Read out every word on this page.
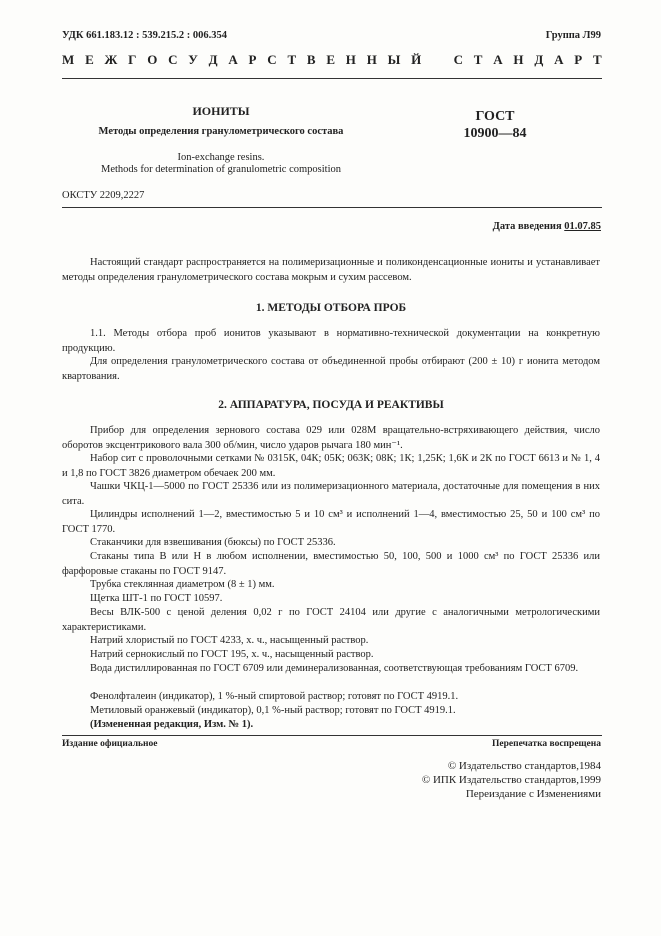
УДК 661.183.12 : 539.215.2 : 006.354	Группа Л99
М Е Ж Г О С У Д А Р С Т В Е Н Н Ы Й С Т А Н Д А Р Т
ИОНИТЫ
Методы определения гранулометрического состава
Ion-exchange resins.
Methods for determination of granulometric composition
ГОСТ
10900—84
ОКСТУ 2209,2227
Дата введения 01.07.85
Настоящий стандарт распространяется на полимеризационные и поликонденсационные иониты и устанавливает методы определения гранулометрического состава мокрым и сухим рассевом.
1. МЕТОДЫ ОТБОРА ПРОБ
1.1. Методы отбора проб ионитов указывают в нормативно-технической документации на конкретную продукцию.
Для определения гранулометрического состава от объединенной пробы отбирают (200 ± 10) г ионита методом квартования.
2. АППАРАТУРА, ПОСУДА И РЕАКТИВЫ
Прибор для определения зернового состава 029 или 028М вращательно-встряхивающего действия, число оборотов эксцентрикового вала 300 об/мин, число ударов рычага 180 мин⁻¹.
Набор сит с проволочными сетками № 0315К, 04К; 05К; 063К; 08К; 1К; 1,25К; 1,6К и 2К по ГОСТ 6613 и № 1, 4 и 1,8 по ГОСТ 3826 диаметром обечаек 200 мм.
Чашки ЧКЦ-1—5000 по ГОСТ 25336 или из полимеризационного материала, достаточные для помещения в них сита.
Цилиндры исполнений 1—2, вместимостью 5 и 10 см³ и исполнений 1—4, вместимостью 25, 50 и 100 см³ по ГОСТ 1770.
Стаканчики для взвешивания (бюксы) по ГОСТ 25336.
Стаканы типа В или Н в любом исполнении, вместимостью 50, 100, 500 и 1000 см³ по ГОСТ 25336 или фарфоровые стаканы по ГОСТ 9147.
Трубка стеклянная диаметром (8 ± 1) мм.
Щетка ШТ-1 по ГОСТ 10597.
Весы ВЛК-500 с ценой деления 0,02 г по ГОСТ 24104 или другие с аналогичными метрологическими характеристиками.
Натрий хлористый по ГОСТ 4233, х. ч., насыщенный раствор.
Натрий сернокислый по ГОСТ 195, х. ч., насыщенный раствор.
Вода дистиллированная по ГОСТ 6709 или деминерализованная, соответствующая требованиям ГОСТ 6709.
Фенолфталеин (индикатор), 1 %-ный спиртовой раствор; готовят по ГОСТ 4919.1.
Метиловый оранжевый (индикатор), 0,1 %-ный раствор; готовят по ГОСТ 4919.1.
(Измененная редакция, Изм. № 1).
Издание официальное	Перепечатка воспрещена
© Издательство стандартов,1984
© ИПК Издательство стандартов,1999
Переиздание с Изменениями
